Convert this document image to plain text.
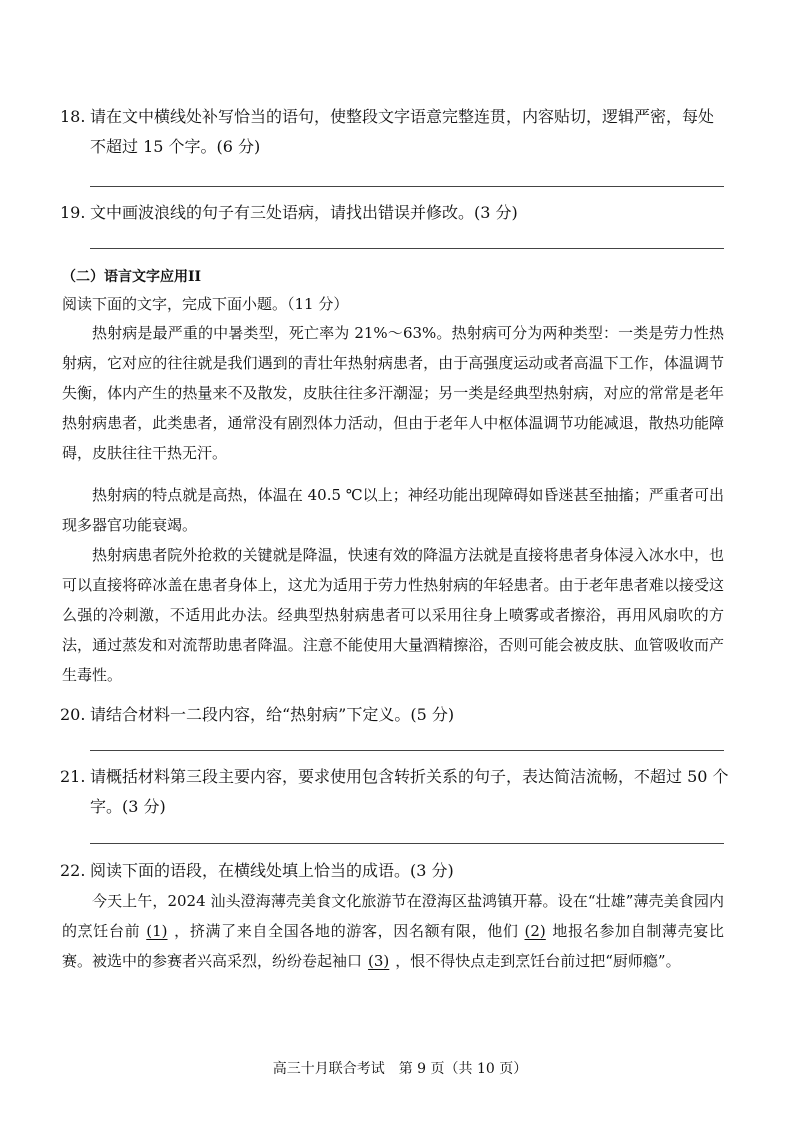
18. 请在文中横线处补写恰当的语句，使整段文字语意完整连贯，内容贴切，逻辑严密，每处
不超过 15 个字。(6 分)
19. 文中画波浪线的句子有三处语病，请找出错误并修改。(3 分)
（二）语言文字应用II
阅读下面的文字，完成下面小题。（11 分）
热射病是最严重的中暑类型，死亡率为 21%～63%。热射病可分为两种类型：一类是劳力性热射病，它对应的往往就是我们遇到的青壮年热射病患者，由于高强度运动或者高温下工作，体温调节失衡，体内产生的热量来不及散发，皮肤往往多汗潮湿；另一类是经典型热射病，对应的常常是老年热射病患者，此类患者，通常没有剧烈体力活动，但由于老年人中枢体温调节功能减退，散热功能障碍，皮肤往往干热无汗。
热射病的特点就是高热，体温在 40.5 ℃以上；神经功能出现障碍如昏迷甚至抽搐；严重者可出现多器官功能衰竭。
热射病患者院外抢救的关键就是降温，快速有效的降温方法就是直接将患者身体浸入冰水中，也可以直接将碎冰盖在患者身体上，这尤为适用于劳力性热射病的年轻患者。由于老年患者难以接受这么强的冷刺激，不适用此办法。经典型热射病患者可以采用往身上喷雾或者擦浴，再用风扇吹的方法，通过蒸发和对流帮助患者降温。注意不能使用大量酒精擦浴，否则可能会被皮肤、血管吸收而产生毒性。
20. 请结合材料一二段内容，给“热射病”下定义。(5 分)
21. 请概括材料第三段主要内容，要求使用包含转折关系的句子，表达简洁流畅，不超过 50 个
字。(3 分)
22. 阅读下面的语段，在横线处填上恰当的成语。(3 分)
今天上午，2024 汕头澄海薄壳美食文化旅游节在澄海区盐鸿镇开幕。设在“壮雄”薄壳美食园内的烹饪台前 (1) ，挤满了来自全国各地的游客，因名额有限，他们 (2) 地报名参加自制薄壳宴比赛。被选中的参赛者兴高采烈，纷纷卷起袖口 (3) ，恨不得快点走到烹饪台前过把“厨师瘾”。
高三十月联合考试　第 9 页（共 10 页）
